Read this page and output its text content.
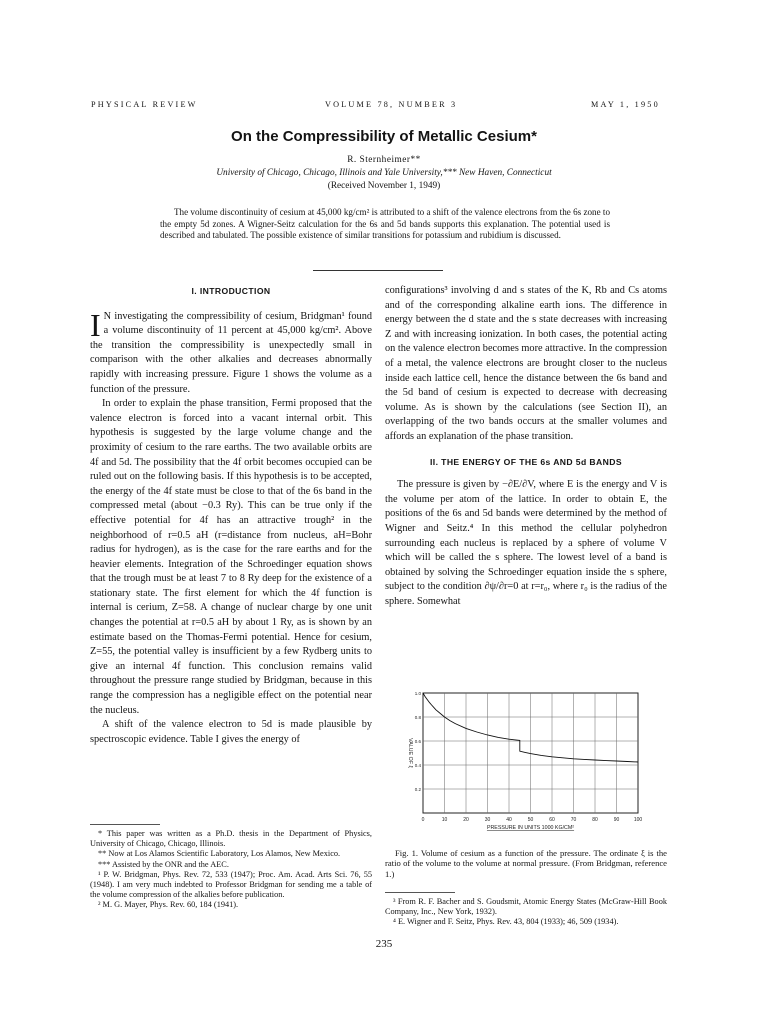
PHYSICAL REVIEW	VOLUME 78, NUMBER 3	MAY 1, 1950
On the Compressibility of Metallic Cesium*
R. Sternheimer**
University of Chicago, Chicago, Illinois and Yale University,*** New Haven, Connecticut
(Received November 1, 1949)

The volume discontinuity of cesium at 45,000 kg/cm² is attributed to a shift of the valence electrons from the 6s zone to the empty 5d zones. A Wigner-Seitz calculation for the 6s and 5d bands supports this explanation. The potential used is described and tabulated. The possible existence of similar transitions for potassium and rubidium is discussed.

I. INTRODUCTION

I N investigating the compressibility of cesium, Bridgman¹ found a volume discontinuity of 11 percent at 45,000 kg/cm². Above the transition the compressibility is unexpectedly small in comparison with the other alkalies and decreases abnormally rapidly with increasing pressure. Figure 1 shows the volume as a function of the pressure.

In order to explain the phase transition, Fermi proposed that the valence electron is forced into a vacant internal orbit. This hypothesis is suggested by the large volume change and the proximity of cesium to the rare earths. The two available orbits are 4f and 5d. The possibility that the 4f orbit becomes occupied can be ruled out on the following basis. If this hypothesis is to be accepted, the energy of the 4f state must be close to that of the 6s band in the compressed metal (about −0.3 Ry). This can be true only if the effective potential for 4f has an attractive trough² in the neighborhood of r=0.5 aH (r=distance from nucleus, aH=Bohr radius for hydrogen), as is the case for the rare earths and for the heavier elements. Integration of the Schroedinger equation shows that the trough must be at least 7 to 8 Ry deep for the existence of a stationary state. The first element for which the 4f function is internal is cerium, Z=58. A change of nuclear charge by one unit changes the potential at r=0.5 aH by about 1 Ry, as is shown by an estimate based on the Thomas-Fermi potential. Hence for cesium, Z=55, the potential valley is insufficient by a few Rydberg units to give an internal 4f function. This conclusion remains valid throughout the pressure range studied by Bridgman, because in this range the compression has a negligible effect on the potential near the nucleus.

A shift of the valence electron to 5d is made plausible by spectroscopic evidence. Table I gives the energy of

* This paper was written as a Ph.D. thesis in the Department of Physics, University of Chicago, Chicago, Illinois.

** Now at Los Alamos Scientific Laboratory, Los Alamos, New Mexico.

*** Assisted by the ONR and the AEC.

¹ P. W. Bridgman, Phys. Rev. 72, 533 (1947); Proc. Am. Acad. Arts Sci. 76, 55 (1948). I am very much indebted to Professor Bridgman for sending me a table of the volume compression of the alkalies before publication.

² M. G. Mayer, Phys. Rev. 60, 184 (1941).

configurations³ involving d and s states of the K, Rb and Cs atoms and of the corresponding alkaline earth ions. The difference in energy between the d state and the s state decreases with increasing Z and with increasing ionization. In both cases, the potential acting on the valence electron becomes more attractive. In the compression of a metal, the valence electrons are brought closer to the nucleus inside each lattice cell, hence the distance between the 6s band and the 5d band of cesium is expected to decrease with decreasing volume. As is shown by the calculations (see Section II), an overlapping of the two bands occurs at the smaller volumes and affords an explanation of the phase transition.

II. THE ENERGY OF THE 6s AND 5d BANDS

The pressure is given by −∂E/∂V, where E is the energy and V is the volume per atom of the lattice. In order to obtain E, the positions of the 6s and 5d bands were determined by the method of Wigner and Seitz.⁴ In this method the cellular polyhedron surrounding each nucleus is replaced by a sphere of volume V which will be called the s sphere. The lowest level of a band is obtained by solving the Schroedinger equation inside the s sphere, subject to the condition ∂ψ/∂r=0 at r=r₀, where r₀ is the radius of the sphere. Somewhat

0	10	20	30	40	50	60	70	80	90	100
0.2
0.4
0.6
0.8
1.0
PRESSURE IN UNITS 1000 KG/CM²
VALUE OF ξ

Fig. 1. Volume of cesium as a function of the pressure. The ordinate ξ is the ratio of the volume to the volume at normal pressure. (From Bridgman, reference 1.)

³ From R. F. Bacher and S. Goudsmit, Atomic Energy States (McGraw-Hill Book Company, Inc., New York, 1932).

⁴ E. Wigner and F. Seitz, Phys. Rev. 43, 804 (1933); 46, 509 (1934).

235
